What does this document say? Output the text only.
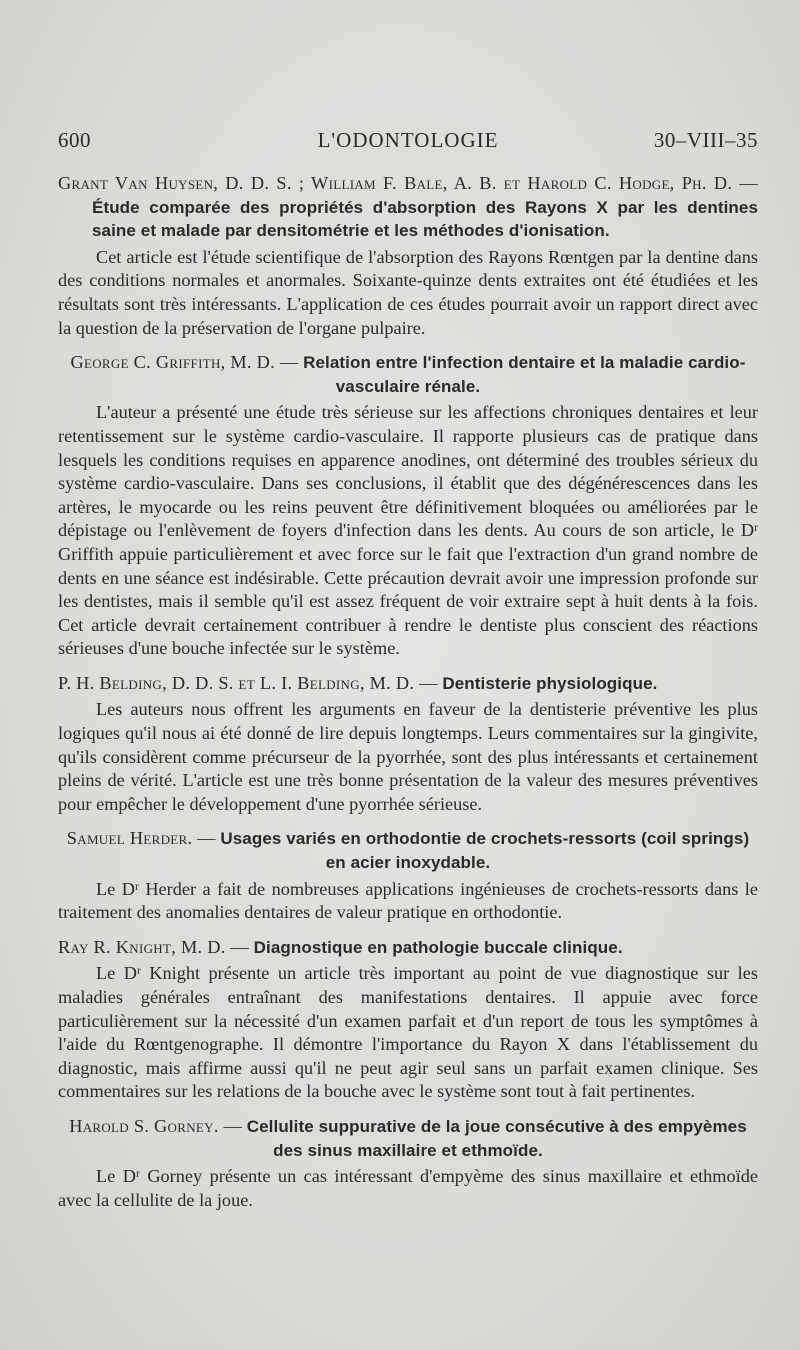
600	L'ODONTOLOGIE	30–VIII–35
Grant Van Huysen, D. D. S. ; William F. Bale, A. B. et Harold C. Hodge, Ph. D. — Étude comparée des propriétés d'absorption des Rayons X par les dentines saine et malade par densitométrie et les méthodes d'ionisation.
Cet article est l'étude scientifique de l'absorption des Rayons Rœntgen par la dentine dans des conditions normales et anormales. Soixante-quinze dents extraites ont été étudiées et les résultats sont très intéressants. L'application de ces études pourrait avoir un rapport direct avec la question de la préservation de l'organe pulpaire.
George C. Griffith, M. D. — Relation entre l'infection dentaire et la maladie cardio-vasculaire rénale.
L'auteur a présenté une étude très sérieuse sur les affections chroniques dentaires et leur retentissement sur le système cardio-vasculaire. Il rapporte plusieurs cas de pratique dans lesquels les conditions requises en apparence anodines, ont déterminé des troubles sérieux du système cardio-vasculaire. Dans ses conclusions, il établit que des dégénérescences dans les artères, le myocarde ou les reins peuvent être définitivement bloquées ou améliorées par le dépistage ou l'enlèvement de foyers d'infection dans les dents. Au cours de son article, le Dʳ Griffith appuie particulièrement et avec force sur le fait que l'extraction d'un grand nombre de dents en une séance est indésirable. Cette précaution devrait avoir une impression profonde sur les dentistes, mais il semble qu'il est assez fréquent de voir extraire sept à huit dents à la fois. Cet article devrait certainement contribuer à rendre le dentiste plus conscient des réactions sérieuses d'une bouche infectée sur le système.
P. H. Belding, D. D. S. et L. I. Belding, M. D. — Dentisterie physiologique.
Les auteurs nous offrent les arguments en faveur de la dentisterie préventive les plus logiques qu'il nous ai été donné de lire depuis longtemps. Leurs commentaires sur la gingivite, qu'ils considèrent comme précurseur de la pyorrhée, sont des plus intéressants et certainement pleins de vérité. L'article est une très bonne présentation de la valeur des mesures préventives pour empêcher le développement d'une pyorrhée sérieuse.
Samuel Herder. — Usages variés en orthodontie de crochets-ressorts (coil springs) en acier inoxydable.
Le Dʳ Herder a fait de nombreuses applications ingénieuses de crochets-ressorts dans le traitement des anomalies dentaires de valeur pratique en orthodontie.
Ray R. Knight, M. D. — Diagnostique en pathologie buccale clinique.
Le Dʳ Knight présente un article très important au point de vue diagnostique sur les maladies générales entraînant des manifestations dentaires. Il appuie avec force particulièrement sur la nécessité d'un examen parfait et d'un report de tous les symptômes à l'aide du Rœntgenographe. Il démontre l'importance du Rayon X dans l'établissement du diagnostic, mais affirme aussi qu'il ne peut agir seul sans un parfait examen clinique. Ses commentaires sur les relations de la bouche avec le système sont tout à fait pertinentes.
Harold S. Gorney. — Cellulite suppurative de la joue consécutive à des empyèmes des sinus maxillaire et ethmoïde.
Le Dʳ Gorney présente un cas intéressant d'empyème des sinus maxillaire et ethmoïde avec la cellulite de la joue.
